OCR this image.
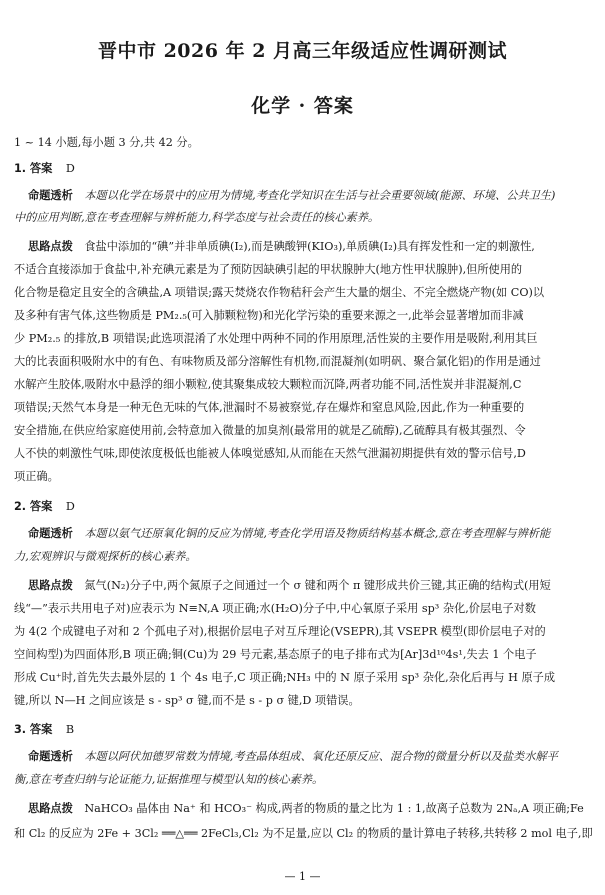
晋中市 2026 年 2 月高三年级适应性调研测试
化学 · 答案
1 ~ 14 小题,每小题 3 分,共 42 分。
1. 答案 D
命题透析 本题以化学在场景中的应用为情境,考查化学知识在生活与社会重要领域(能源、环境、公共卫生)
中的应用判断,意在考查理解与辨析能力,科学态度与社会责任的核心素养。
思路点拨 食盐中添加的“碘”并非单质碘(I₂),而是碘酸钾(KIO₃),单质碘(I₂)具有挥发性和一定的刺激性,
不适合直接添加于食盐中,补充碘元素是为了预防因缺碘引起的甲状腺肿大(地方性甲状腺肿),但所使用的
化合物是稳定且安全的含碘盐,A 项错误;露天焚烧农作物秸秆会产生大量的烟尘、不完全燃烧产物(如 CO)以
及多种有害气体,这些物质是 PM₂.₅(可入肺颗粒物)和光化学污染的重要来源之一,此举会显著增加而非减
少 PM₂.₅ 的排放,B 项错误;此选项混淆了水处理中两种不同的作用原理,活性炭的主要作用是吸附,利用其巨
大的比表面积吸附水中的有色、有味物质及部分溶解性有机物,而混凝剂(如明矾、聚合氯化铝)的作用是通过
水解产生胶体,吸附水中悬浮的细小颗粒,使其聚集成较大颗粒而沉降,两者功能不同,活性炭并非混凝剂,C
项错误;天然气本身是一种无色无味的气体,泄漏时不易被察觉,存在爆炸和窒息风险,因此,作为一种重要的
安全措施,在供应给家庭使用前,会特意加入微量的加臭剂(最常用的就是乙硫醇),乙硫醇具有极其强烈、令
人不快的刺激性气味,即使浓度极低也能被人体嗅觉感知,从而能在天然气泄漏初期提供有效的警示信号,D
项正确。
2. 答案 D
命题透析 本题以氨气还原氧化铜的反应为情境,考查化学用语及物质结构基本概念,意在考查理解与辨析能
力,宏观辨识与微观探析的核心素养。
思路点拨 氮气(N₂)分子中,两个氮原子之间通过一个 σ 键和两个 π 键形成共价三键,其正确的结构式(用短
线“—”表示共用电子对)应表示为 N≡N,A 项正确;水(H₂O)分子中,中心氧原子采用 sp³ 杂化,价层电子对数
为 4(2 个成键电子对和 2 个孤电子对),根据价层电子对互斥理论(VSEPR),其 VSEPR 模型(即价层电子对的
空间构型)为四面体形,B 项正确;铜(Cu)为 29 号元素,基态原子的电子排布式为[Ar]3d¹⁰4s¹,失去 1 个电子
形成 Cu⁺时,首先失去最外层的 1 个 4s 电子,C 项正确;NH₃ 中的 N 原子采用 sp³ 杂化,杂化后再与 H 原子成
键,所以 N—H 之间应该是 s - sp³ σ 键,而不是 s - p σ 键,D 项错误。
3. 答案 B
命题透析 本题以阿伏加德罗常数为情境,考查晶体组成、氧化还原反应、混合物的微量分析以及盐类水解平
衡,意在考查归纳与论证能力,证据推理与模型认知的核心素养。
思路点拨 NaHCO₃ 晶体由 Na⁺ 和 HCO₃⁻ 构成,两者的物质的量之比为 1 : 1,故离子总数为 2Nₐ,A 项正确;Fe
和 Cl₂ 的反应为 2Fe + 3Cl₂ ══△══ 2FeCl₃,Cl₂ 为不足量,应以 Cl₂ 的物质的量计算电子转移,共转移 2 mol 电子,即
— 1 —
